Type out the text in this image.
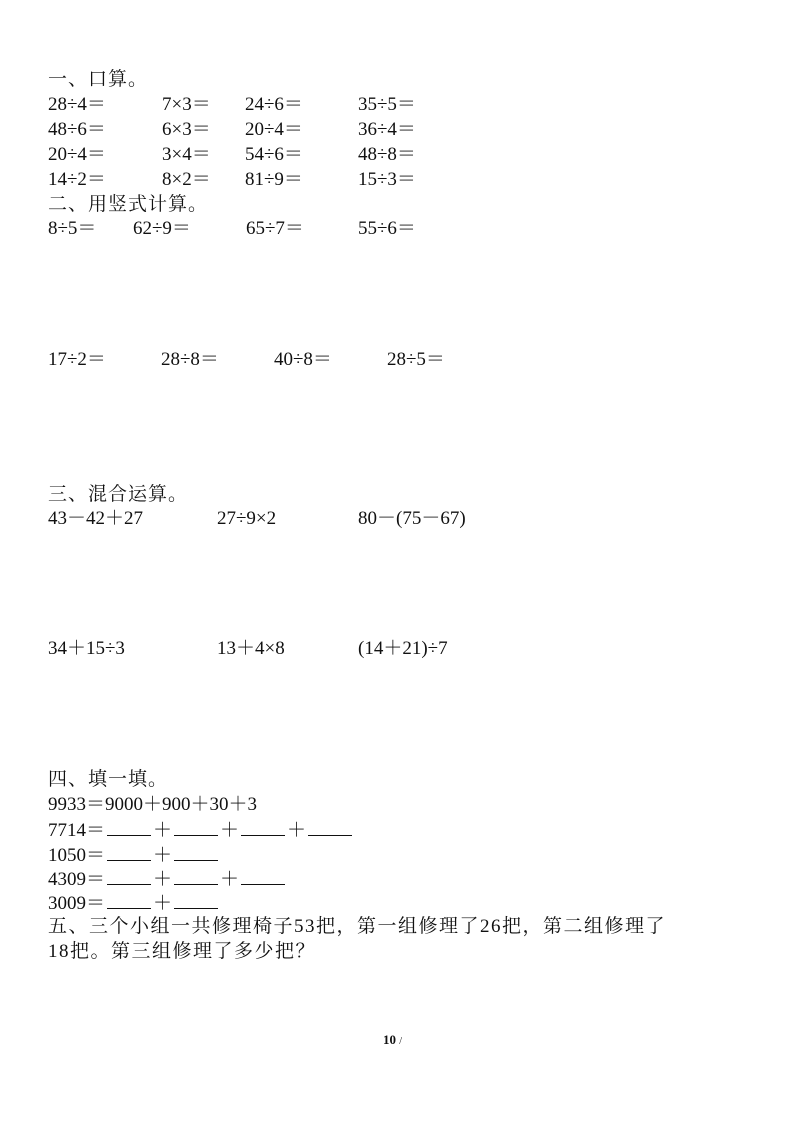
一、口算。
28÷4＝	7×3＝ 24÷6＝	35÷5＝
48÷6＝	6×3＝ 20÷4＝	36÷4＝
20÷4＝	3×4＝ 54÷6＝	48÷8＝
14÷2＝	8×2＝ 81÷9＝	15÷3＝
二、用竖式计算。
8÷5＝ 62÷9＝	65÷7＝	55÷6＝
17÷2＝	28÷8＝	40÷8＝	28÷5＝
三、混合运算。
43－42＋27	27÷9×2	80－(75－67)
34＋15÷3	13＋4×8	(14＋21)÷7
四、填一填。
9933＝9000＋900＋30＋3
7714＝	＋	＋	＋
1050＝	＋
4309＝	＋	＋
3009＝	＋
五、三个小组一共修理椅子53把，第一组修理了26把，第二组修理了
18把。第三组修理了多少把？
10 /
